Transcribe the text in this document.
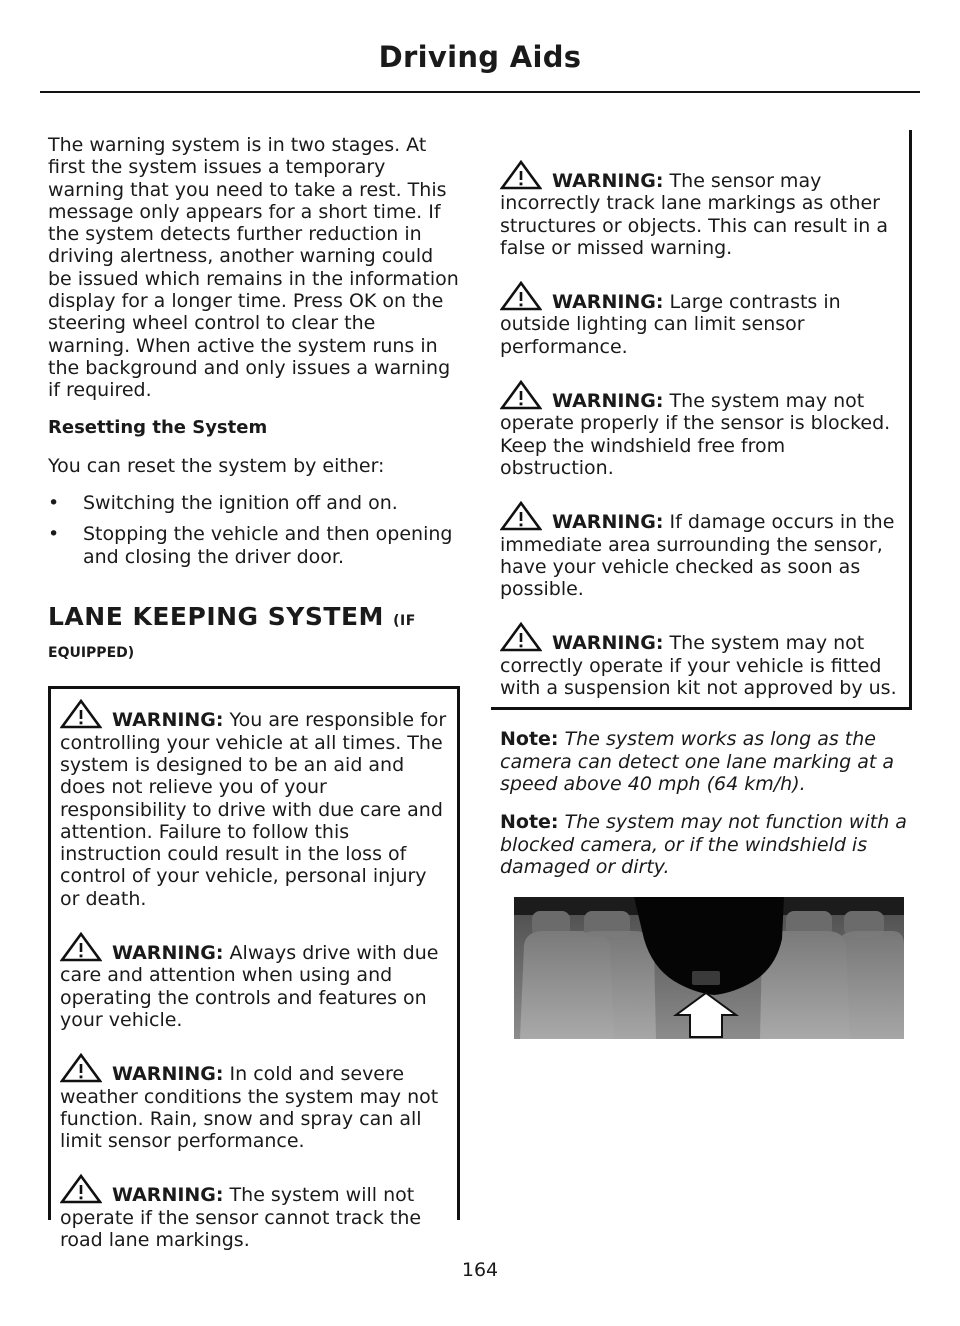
Driving Aids

The warning system is in two stages. At first the system issues a temporary warning that you need to take a rest. This message only appears for a short time. If the system detects further reduction in driving alertness, another warning could be issued which remains in the information display for a longer time. Press OK on the steering wheel control to clear the warning. When active the system runs in the background and only issues a warning if required.

Resetting the System

You can reset the system by either:

•	Switching the ignition off and on.
•	Stopping the vehicle and then opening and closing the driver door.
LANE KEEPING SYSTEM (IF
EQUIPPED)
WARNING: You are responsible for controlling your vehicle at all times. The system is designed to be an aid and does not relieve you of your responsibility to drive with due care and attention. Failure to follow this instruction could result in the loss of control of your vehicle, personal injury or death.
WARNING: Always drive with due care and attention when using and operating the controls and features on your vehicle.
WARNING: In cold and severe weather conditions the system may not function. Rain, snow and spray can all limit sensor performance.
WARNING: The system will not operate if the sensor cannot track the road lane markings.
WARNING: The sensor may incorrectly track lane markings as other structures or objects. This can result in a false or missed warning.
WARNING: Large contrasts in outside lighting can limit sensor performance.
WARNING: The system may not operate properly if the sensor is blocked. Keep the windshield free from obstruction.
WARNING: If damage occurs in the immediate area surrounding the sensor, have your vehicle checked as soon as possible.
WARNING: The system may not correctly operate if your vehicle is fitted with a suspension kit not approved by us.

Note: The system works as long as the camera can detect one lane marking at a speed above 40 mph (64 km/h).

Note: The system may not function with a blocked camera, or if the windshield is damaged or dirty.

164
